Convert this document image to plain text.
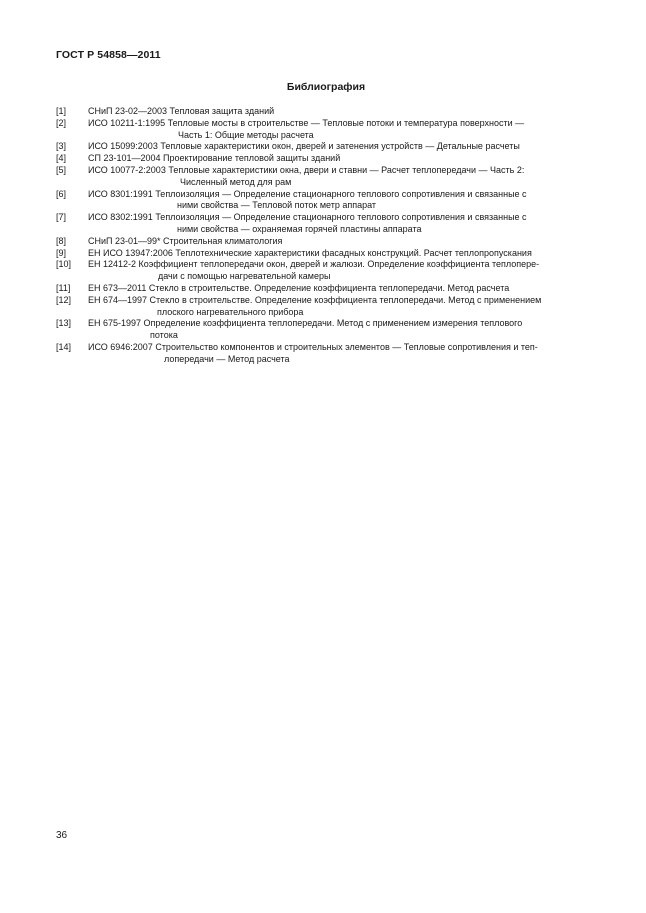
ГОСТ Р 54858—2011
Библиография
[1] СНиП 23-02—2003 Тепловая защита зданий
[2] ИСО 10211-1:1995 Тепловые мосты в строительстве — Тепловые потоки и температура поверхности —
Часть 1: Общие методы расчета
[3] ИСО 15099:2003 Тепловые характеристики окон, дверей и затенения устройств — Детальные расчеты
[4] СП 23-101—2004 Проектирование тепловой защиты зданий
[5] ИСО 10077-2:2003 Тепловые характеристики окна, двери и ставни — Расчет теплопередачи — Часть 2:
Численный метод для рам
[6] ИСО 8301:1991 Теплоизоляция — Определение стационарного теплового сопротивления и связанные с
ними свойства — Тепловой поток метр аппарат
[7] ИСО 8302:1991 Теплоизоляция — Определение стационарного теплового сопротивления и связанные с
ними свойства — охраняемая горячей пластины аппарата
[8] СНиП 23-01—99* Строительная климатология
[9] ЕН ИСО 13947:2006 Теплотехнические характеристики фасадных конструкций. Расчет теплопропускания
[10] ЕН 12412-2 Коэффициент теплопередачи окон, дверей и жалюзи. Определение коэффициента теплопере-
дачи с помощью нагревательной камеры
[11] ЕН 673—2011 Стекло в строительстве. Определение коэффициента теплопередачи. Метод расчета
[12] ЕН 674—1997 Стекло в строительстве. Определение коэффициента теплопередачи. Метод с применением
плоского нагревательного прибора
[13] ЕН 675-1997 Определение коэффициента теплопередачи. Метод с применением измерения теплового
потока
[14] ИСО 6946:2007 Строительство компонентов и строительных элементов — Тепловые сопротивления и теп-
лопередачи — Метод расчета
36
